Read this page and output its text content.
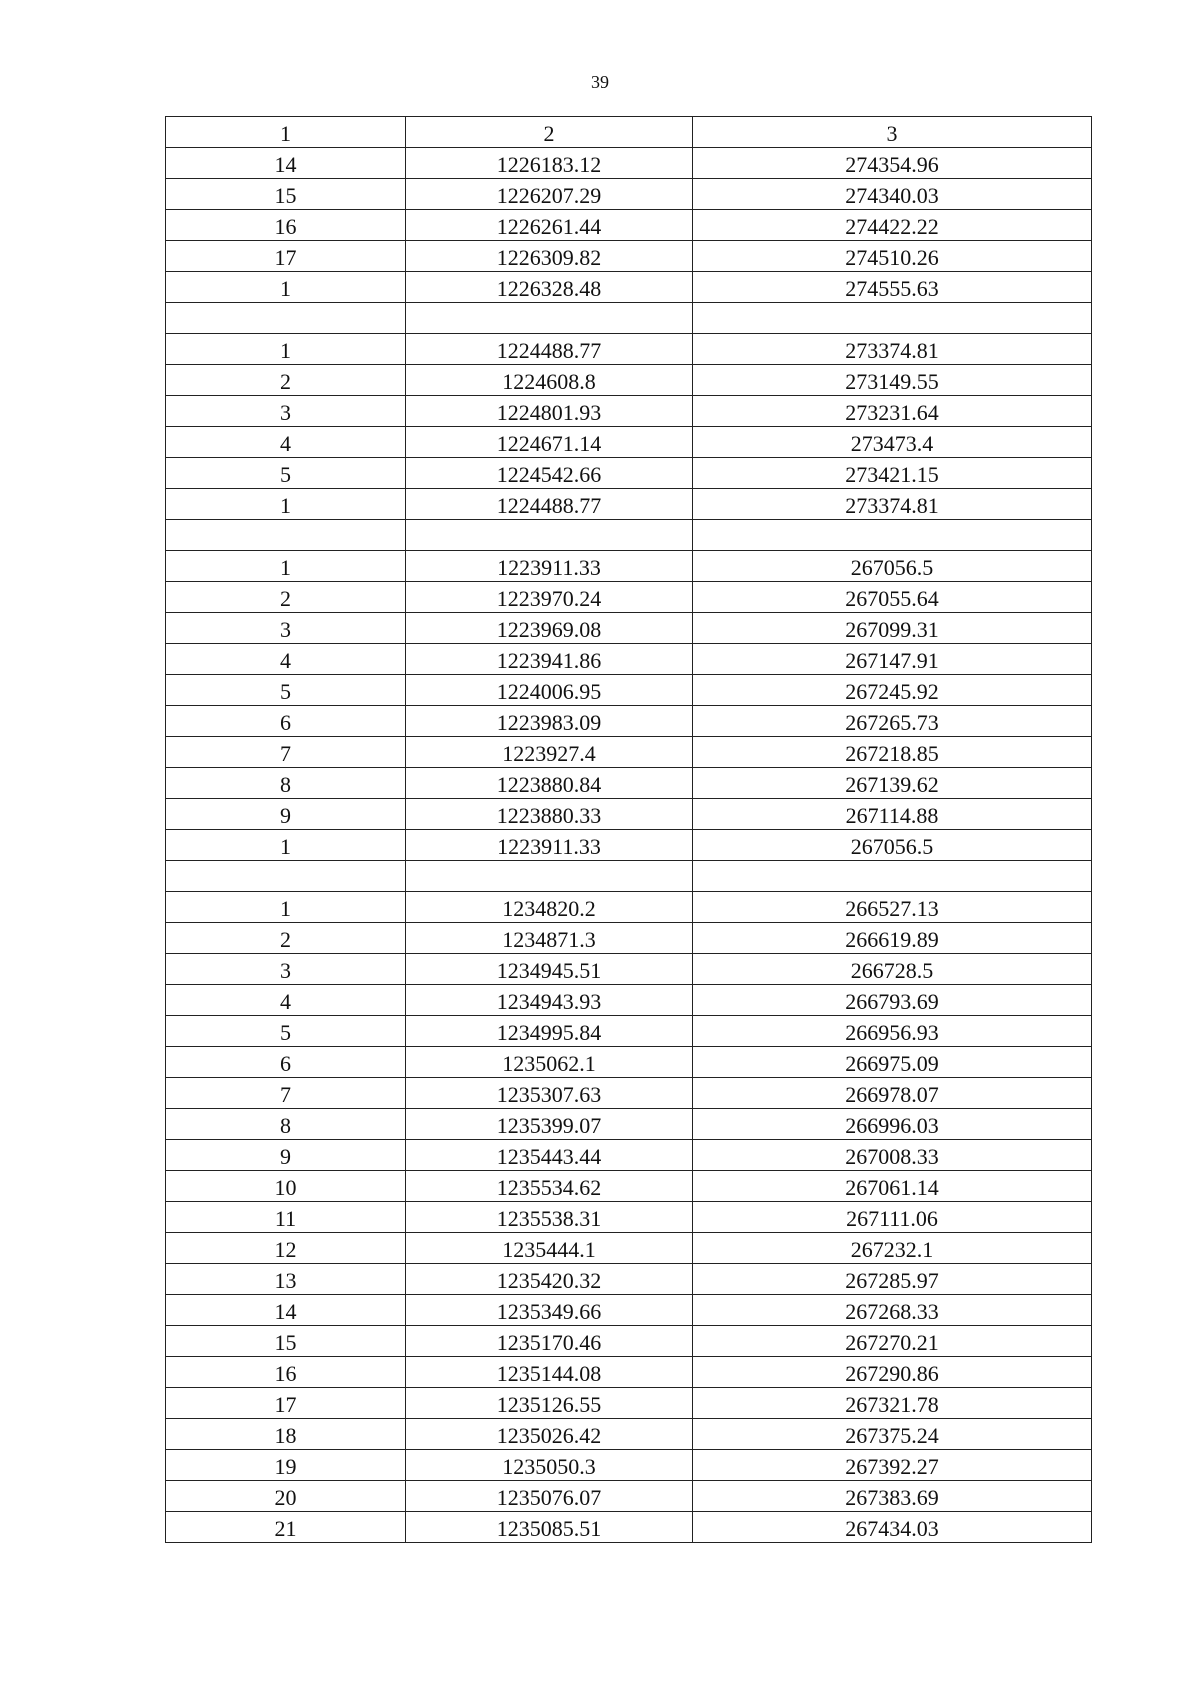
39
1	2	3
14	1226183.12	274354.96
15	1226207.29	274340.03
16	1226261.44	274422.22
17	1226309.82	274510.26
1	1226328.48	274555.63

1	1224488.77	273374.81
2	1224608.8	273149.55
3	1224801.93	273231.64
4	1224671.14	273473.4
5	1224542.66	273421.15
1	1224488.77	273374.81

1	1223911.33	267056.5
2	1223970.24	267055.64
3	1223969.08	267099.31
4	1223941.86	267147.91
5	1224006.95	267245.92
6	1223983.09	267265.73
7	1223927.4	267218.85
8	1223880.84	267139.62
9	1223880.33	267114.88
1	1223911.33	267056.5

1	1234820.2	266527.13
2	1234871.3	266619.89
3	1234945.51	266728.5
4	1234943.93	266793.69
5	1234995.84	266956.93
6	1235062.1	266975.09
7	1235307.63	266978.07
8	1235399.07	266996.03
9	1235443.44	267008.33
10	1235534.62	267061.14
11	1235538.31	267111.06
12	1235444.1	267232.1
13	1235420.32	267285.97
14	1235349.66	267268.33
15	1235170.46	267270.21
16	1235144.08	267290.86
17	1235126.55	267321.78
18	1235026.42	267375.24
19	1235050.3	267392.27
20	1235076.07	267383.69
21	1235085.51	267434.03
